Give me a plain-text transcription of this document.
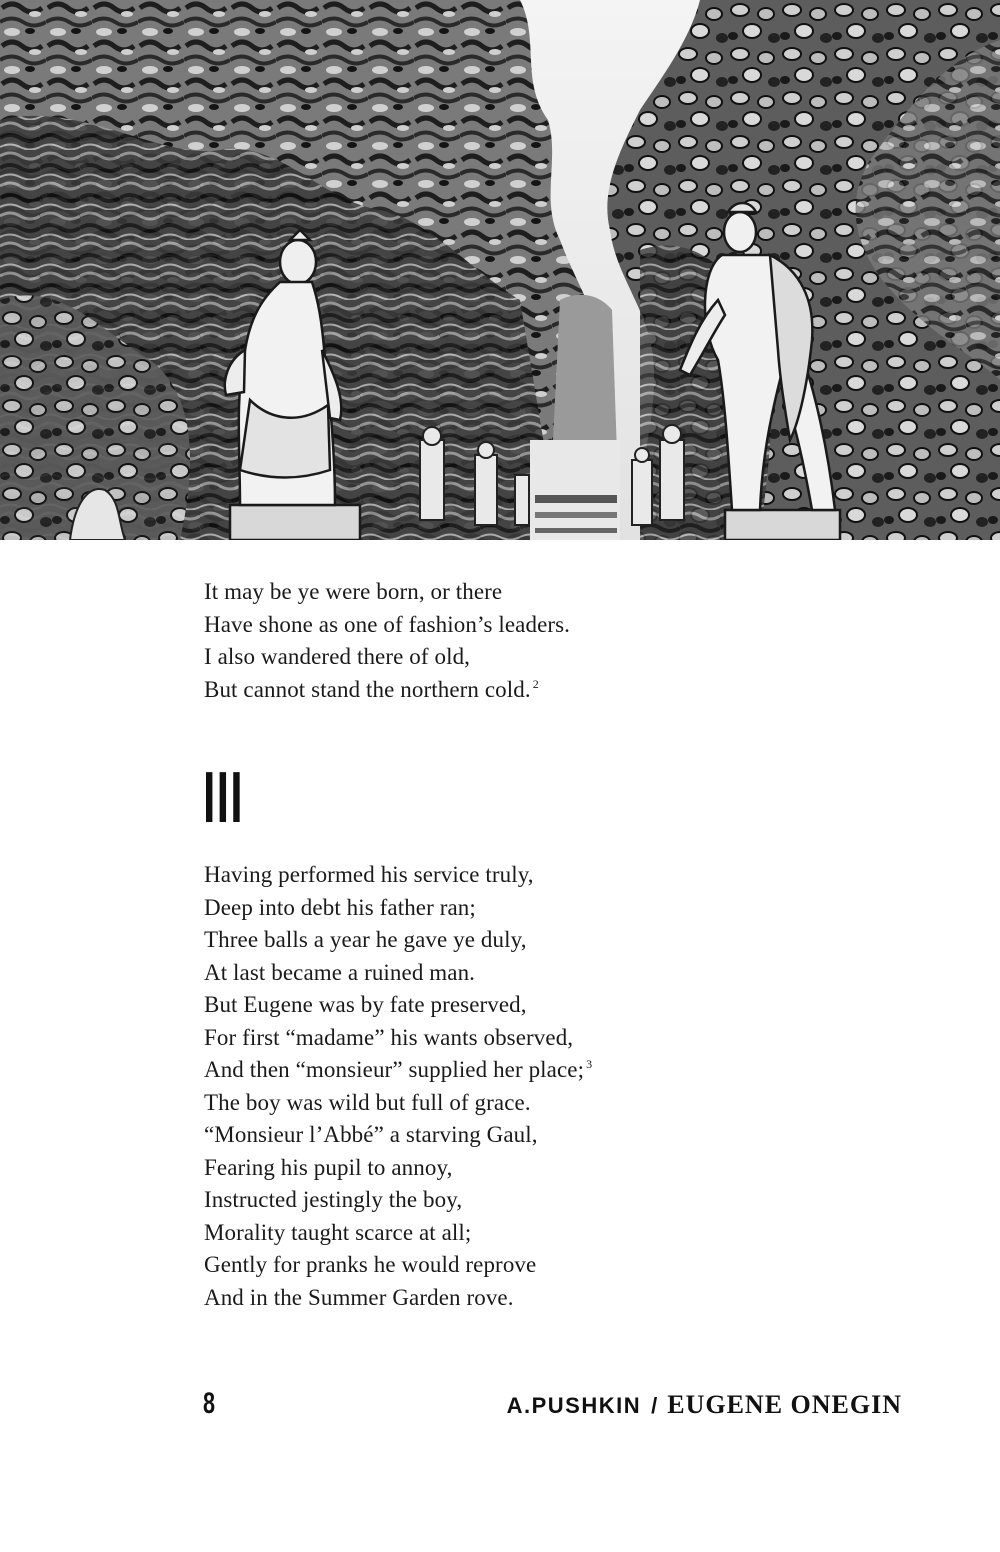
It may be ye were born, or there
Have shone as one of fashion’s leaders.
I also wandered there of old,
But cannot stand the northern cold. $^2$
III
Having performed his service truly,
Deep into debt his father ran;
Three balls a year he gave ye duly,
At last became a ruined man.
But Eugene was by fate preserved,
For first “madame” his wants observed,
And then “monsieur” supplied her place; $^3$
The boy was wild but full of grace.
“Monsieur l’Abbé” a starving Gaul,
Fearing his pupil to annoy,
Instructed jestingly the boy,
Morality taught scarce at all;
Gently for pranks he would reprove
And in the Summer Garden rove.
8	A.PUSHKIN / EUGENE ONEGIN
